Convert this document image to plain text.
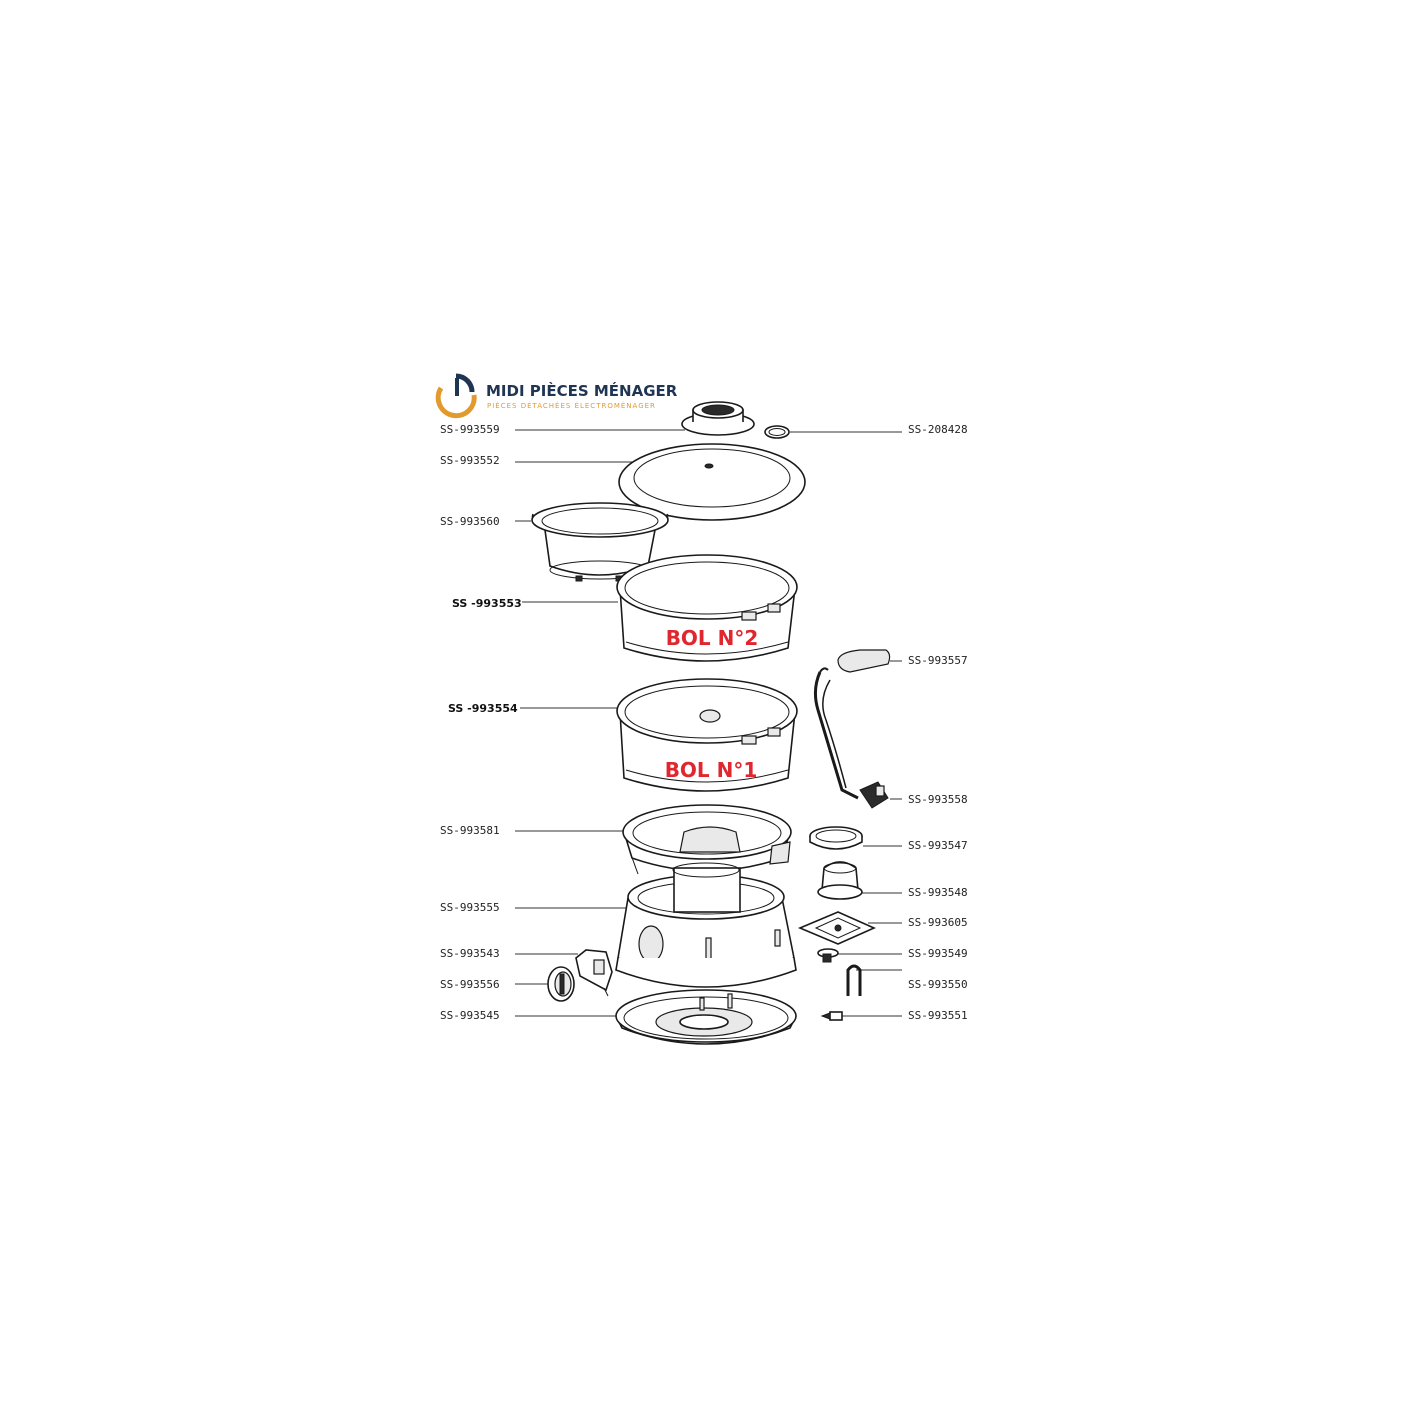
MIDI PIÈCES MÉNAGER
PIÈCES DÉTACHÉES ÉLECTROMÉNAGER
SS-993559
SS-993552
SS-993560
SS -993553
SS -993554
SS-993581
SS-993555
SS-993543
SS-993556
SS-993545
SS-208428
SS-993557
SS-993558
SS-993547
SS-993548
SS-993605
SS-993549
SS-993550
SS-993551
BOL N°2
BOL N°1
